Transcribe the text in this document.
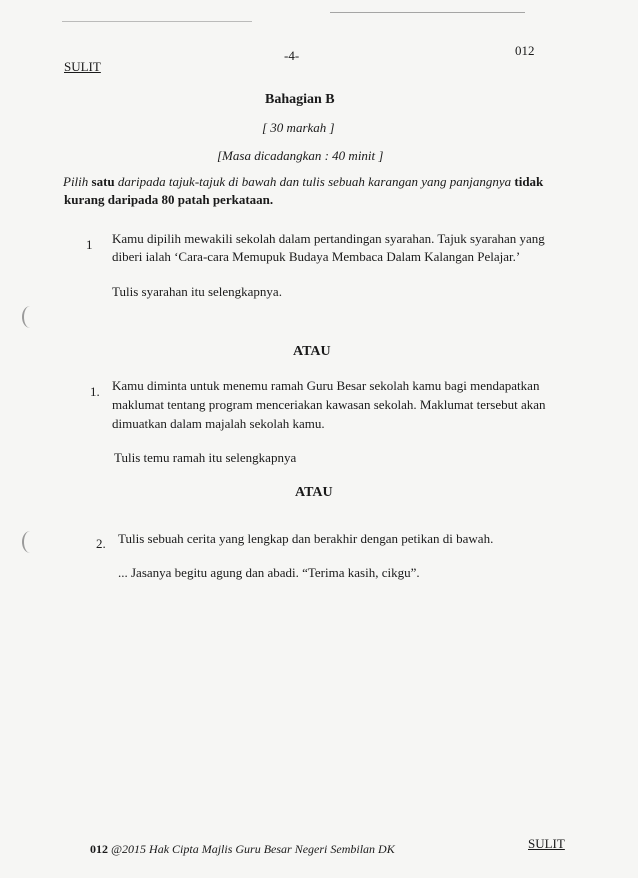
SULIT
-4-	012
Bahagian B
[ 30 markah ]
[Masa dicadangkan : 40 minit ]
Pilih satu daripada tajuk-tajuk di bawah dan tulis sebuah karangan yang panjangnya tidak
kurang daripada 80 patah perkataan.
1 Kamu dipilih mewakili sekolah dalam pertandingan syarahan. Tajuk syarahan yang
diberi ialah ‘Cara-cara Memupuk Budaya Membaca Dalam Kalangan Pelajar.’
Tulis syarahan itu selengkapnya.
ATAU
1. Kamu diminta untuk menemu ramah Guru Besar sekolah kamu bagi mendapatkan
maklumat tentang program menceriakan kawasan sekolah. Maklumat tersebut akan
dimuatkan dalam majalah sekolah kamu.
Tulis temu ramah itu selengkapnya
ATAU
2. Tulis sebuah cerita yang lengkap dan berakhir dengan petikan di bawah.
... Jasanya begitu agung dan abadi. “Terima kasih, cikgu”.
012 @2015 Hak Cipta Majlis Guru Besar Negeri Sembilan DK	SULIT
